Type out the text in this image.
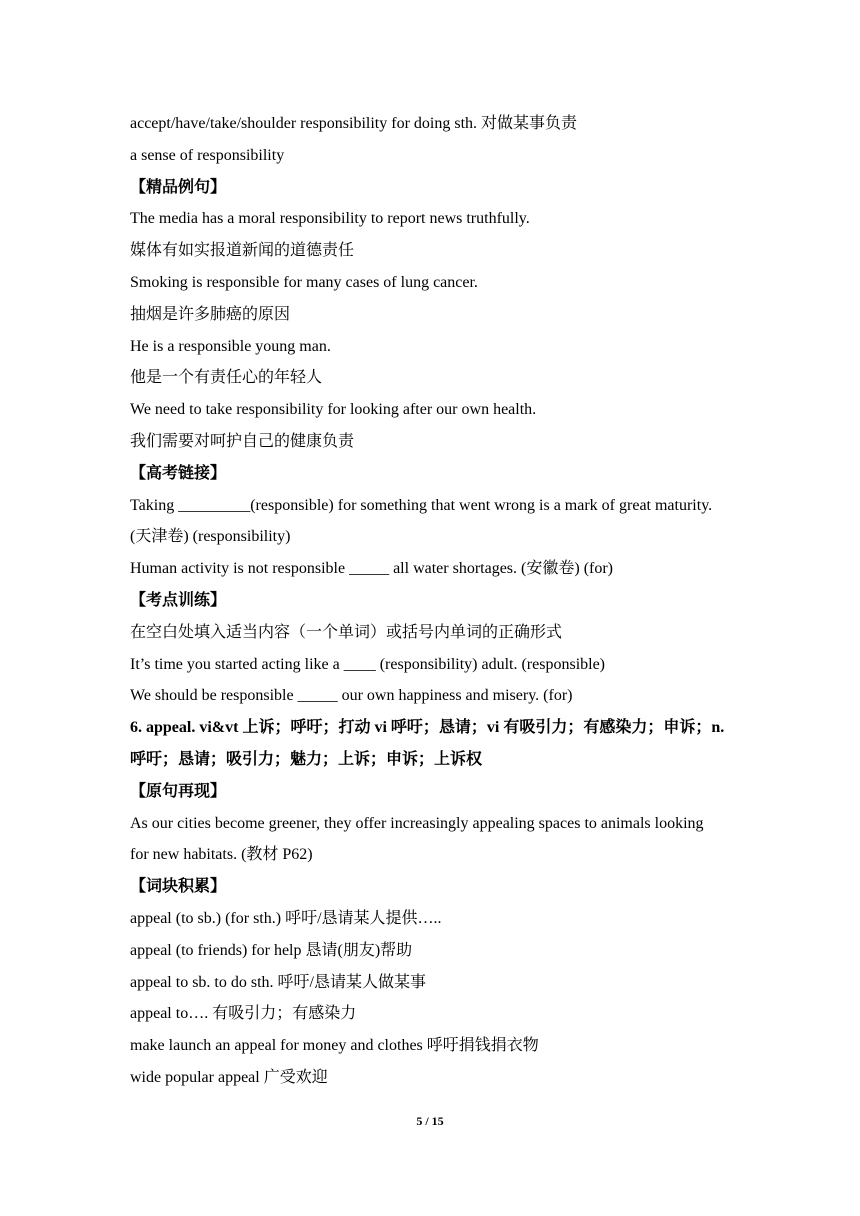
accept/have/take/shoulder responsibility for doing sth. 对做某事负责
a sense of responsibility
【精品例句】
The media has a moral responsibility to report news truthfully.
媒体有如实报道新闻的道德责任
Smoking is responsible for many cases of lung cancer.
抽烟是许多肺癌的原因
He is a responsible young man.
他是一个有责任心的年轻人
We need to take responsibility for looking after our own health.
我们需要对呵护自己的健康负责
【高考链接】
Taking _________(responsible) for something that went wrong is a mark of great maturity.
(天津卷) (responsibility)
Human activity is not responsible _____ all water shortages. (安徽卷) (for)
【考点训练】
在空白处填入适当内容（一个单词）或括号内单词的正确形式
It’s time you started acting like a ____ (responsibility) adult. (responsible)
We should be responsible _____ our own happiness and misery. (for)
6. appeal. vi&vt 上诉；呼吁；打动 vi 呼吁；恳请；vi 有吸引力；有感染力；申诉；n.
呼吁；恳请；吸引力；魅力；上诉；申诉；上诉权
【原句再现】
As our cities become greener, they offer increasingly appealing spaces to animals looking
for new habitats. (教材 P62)
【词块积累】
appeal (to sb.) (for sth.) 呼吁/恳请某人提供…..
appeal (to friends) for help 恳请(朋友)帮助
appeal to sb. to do sth. 呼吁/恳请某人做某事
appeal to…. 有吸引力；有感染力
make launch an appeal for money and clothes 呼吁捐钱捐衣物
wide popular appeal 广受欢迎
5 / 15
